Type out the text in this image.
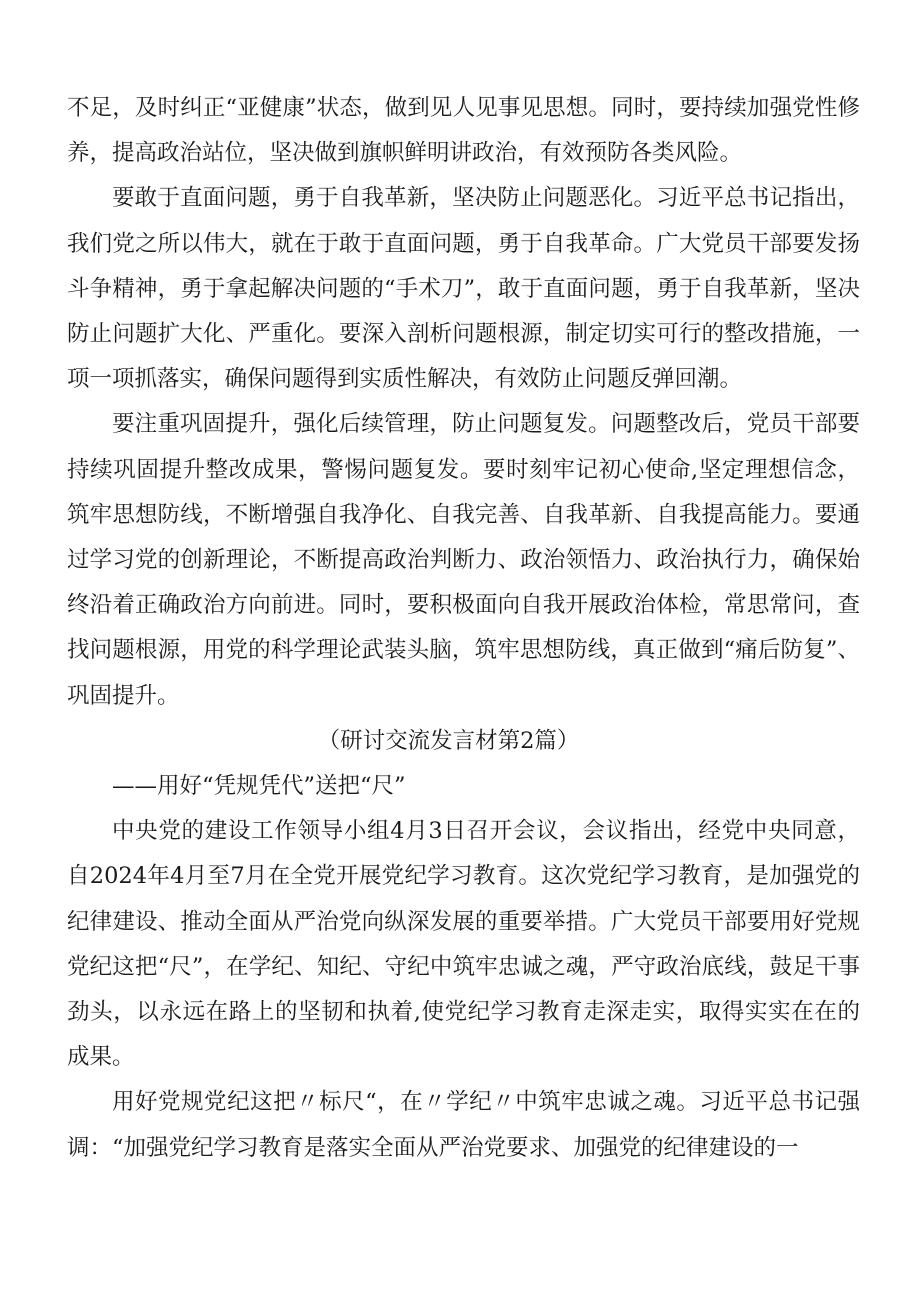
不足，及时纠正“亚健康”状态，做到见人见事见思想。同时，要持续加强党性修养，提高政治站位，坚决做到旗帜鲜明讲政治，有效预防各类风险。

要敢于直面问题，勇于自我革新，坚决防止问题恶化。习近平总书记指出，我们党之所以伟大，就在于敢于直面问题，勇于自我革命。广大党员干部要发扬斗争精神，勇于拿起解决问题的“手术刀”，敢于直面问题，勇于自我革新，坚决防止问题扩大化、严重化。要深入剖析问题根源，制定切实可行的整改措施，一项一项抓落实，确保问题得到实质性解决，有效防止问题反弹回潮。

要注重巩固提升，强化后续管理，防止问题复发。问题整改后，党员干部要持续巩固提升整改成果，警惕问题复发。要时刻牢记初心使命,坚定理想信念，筑牢思想防线，不断增强自我净化、自我完善、自我革新、自我提高能力。要通过学习党的创新理论，不断提高政治判断力、政治领悟力、政治执行力，确保始终沿着正确政治方向前进。同时，要积极面向自我开展政治体检，常思常问，查找问题根源，用党的科学理论武装头脑，筑牢思想防线，真正做到“痛后防复”、巩固提升。

（研讨交流发言材第2篇）

——用好“凭规凭代”送把“尺”

中央党的建设工作领导小组4月3日召开会议，会议指出，经党中央同意，自2024年4月至7月在全党开展党纪学习教育。这次党纪学习教育，是加强党的纪律建设、推动全面从严治党向纵深发展的重要举措。广大党员干部要用好党规党纪这把“尺”，在学纪、知纪、守纪中筑牢忠诚之魂，严守政治底线，鼓足干事劲头，以永远在路上的坚韧和执着,使党纪学习教育走深走实，取得实实在在的成果。

用好党规党纪这把〃标尺“，在〃学纪〃中筑牢忠诚之魂。习近平总书记强调：“加强党纪学习教育是落实全面从严治党要求、加强党的纪律建设的一
